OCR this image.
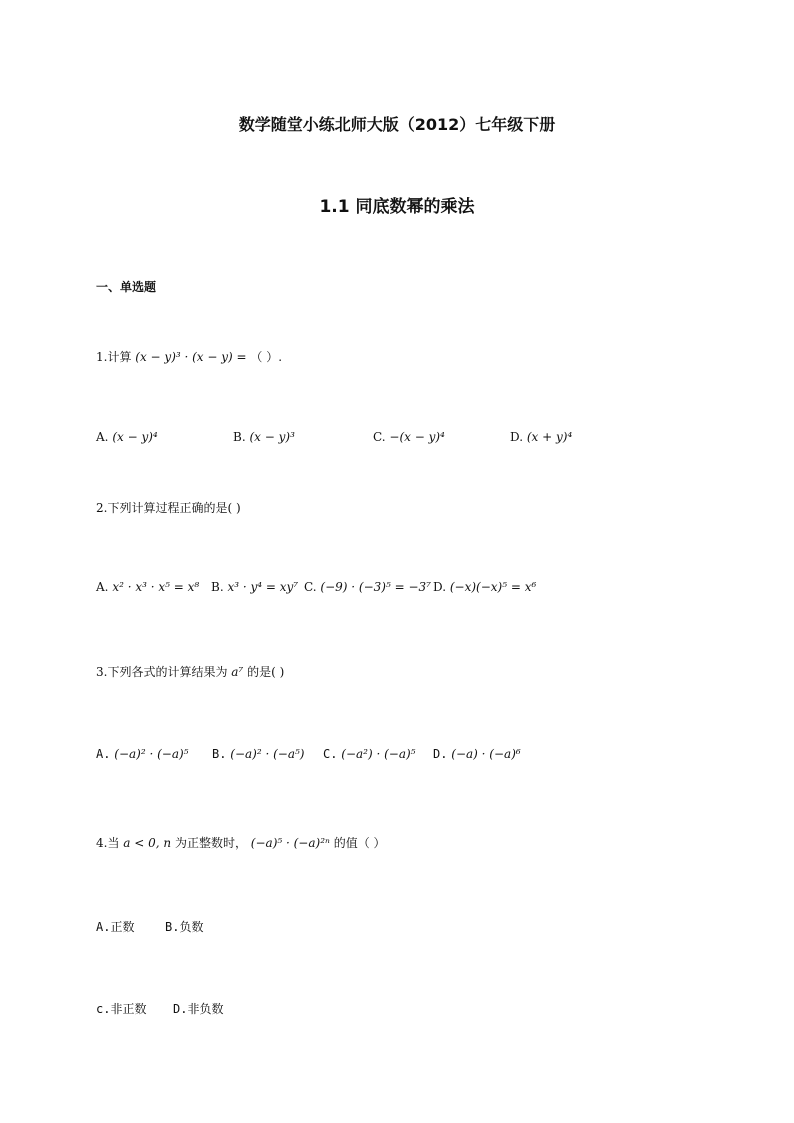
数学随堂小练北师大版（2012）七年级下册
1.1 同底数幂的乘法
一、单选题
1.计算 (x − y)³ · (x − y) = （ ）.
A. (x − y)⁴	B. (x − y)³	C. −(x − y)⁴	D. (x + y)⁴
2.下列计算过程正确的是( )
A. x² · x³ · x⁵ = x⁸ B. x³ · y⁴ = xy⁷ C. (−9) · (−3)⁵ = −3⁷ D. (−x)(−x)⁵ = x⁶
3.下列各式的计算结果为 a⁷ 的是( )
A. (−a)² · (−a)⁵ B. (−a)² · (−a⁵) C. (−a²) · (−a)⁵ D. (−a) · (−a)⁶
4.当 a < 0, n 为正整数时， (−a)⁵ · (−a)²ⁿ 的值（ ）
A.正数	B.负数
c.非正数 D.非负数
